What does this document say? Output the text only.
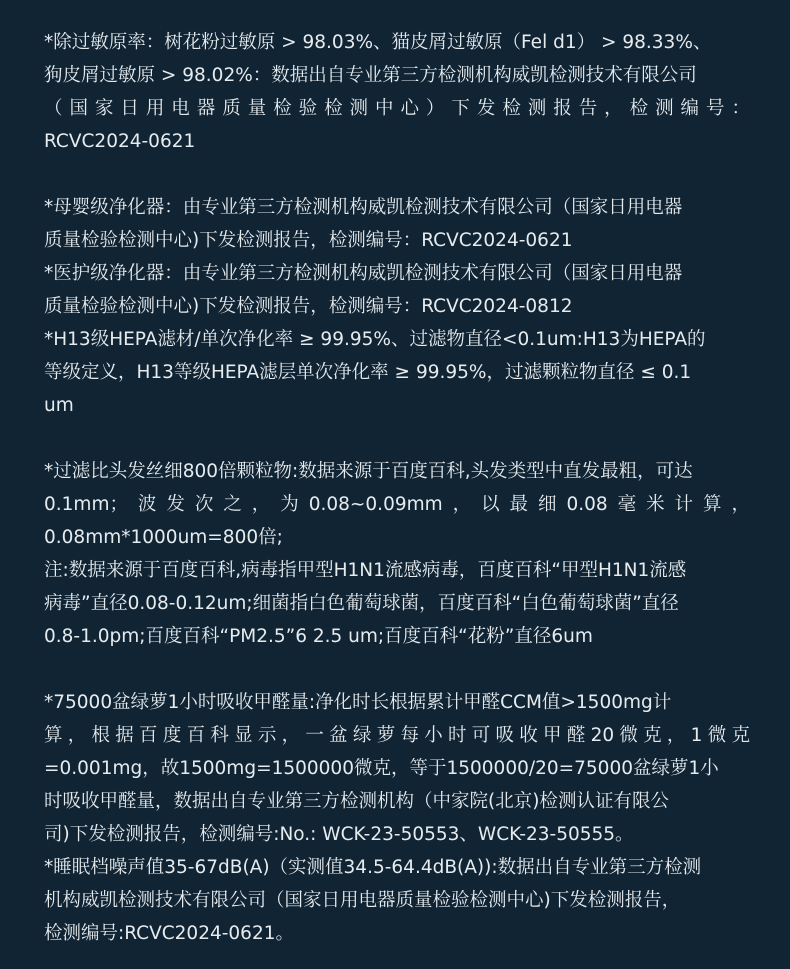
*除过敏原率：树花粉过敏原 > 98.03%、猫皮屑过敏原（Fel d1） > 98.33%、
狗皮屑过敏原 > 98.02%：数据出自专业第三方检测机构威凯检测技术有限公司
（国家日用电器质量检验检测中心）下发检测报告，检测编号：
RCVC2024-0621
*母婴级净化器：由专业第三方检测机构威凯检测技术有限公司（国家日用电器
质量检验检测中心)下发检测报告，检测编号：RCVC2024-0621
*医护级净化器：由专业第三方检测机构威凯检测技术有限公司（国家日用电器
质量检验检测中心)下发检测报告，检测编号：RCVC2024-0812
*H13级HEPA滤材/单次净化率 ≥ 99.95%、过滤物直径<0.1um:H13为HEPA的
等级定义，H13等级HEPA滤层单次净化率 ≥ 99.95%，过滤颗粒物直径 ≤ 0.1
um
*过滤比头发丝细800倍颗粒物:数据来源于百度百科,头发类型中直发最粗，可达
0.1mm；波发次之，为0.08~0.09mm，以最细0.08毫米计算，
0.08mm*1000um=800倍;
注:数据来源于百度百科,病毒指甲型H1N1流感病毒，百度百科“甲型H1N1流感
病毒”直径0.08-0.12um;细菌指白色葡萄球菌，百度百科“白色葡萄球菌”直径
0.8-1.0pm;百度百科“PM2.5”6 2.5 um;百度百科“花粉”直径6um
*75000盆绿萝1小时吸收甲醛量:净化时长根据累计甲醛CCM值>1500mg计
算，根据百度百科显示，一盆绿萝每小时可吸收甲醛20微克，1微克
=0.001mg，故1500mg=1500000微克，等于1500000/20=75000盆绿萝1小
时吸收甲醛量，数据出自专业第三方检测机构（中家院(北京)检测认证有限公
司)下发检测报告，检测编号:No.: WCK-23-50553、WCK-23-50555。
*睡眠档噪声值35-67dB(A)（实测值34.5-64.4dB(A)):数据出自专业第三方检测
机构威凯检测技术有限公司（国家日用电器质量检验检测中心)下发检测报告，
检测编号:RCVC2024-0621。
